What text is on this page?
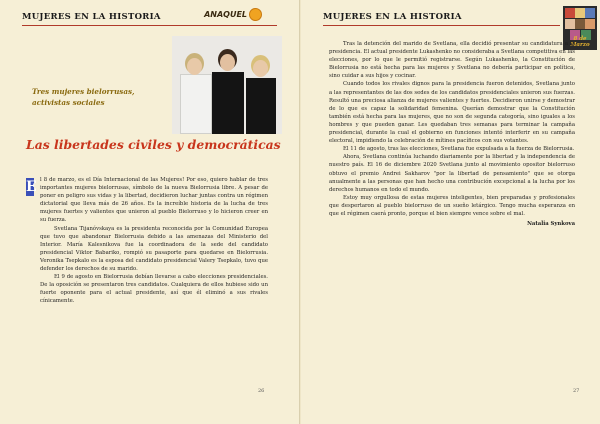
MUJERES EN LA HISTORIA	ANAQUEL
Tres mujeres bielorrusas, activistas sociales
Las libertades civiles y democráticas

E l 8 de marzo, es el Día Internacional de las Mujeres! Por eso, quiero hablar de tres importantes mujeres bielorrusas, símbolo de la nueva Bielorrusia libre. A pesar de poner en peligro sus vidas y la libertad, decidieron luchar juntas contra un régimen dictatorial que lleva más de 26 años. Es la increíble historia de la lucha de tres mujeres fuertes y valientes que unieron al pueblo Bielorruso y lo hicieron creer en su fuerza.

Svetlana Tijanóvskaya es la presidenta reconocida por la Comunidad Europea que tuvo que abandonar Bielorrusia debido a las amenazas del Ministerio del Interior. María Kalesnikova fue la coordinadora de la sede del candidato presidencial Viktor Babariko, rompió su pasaporte para quedarse en Bielorrusia. Veronika Tsepkalo es la esposa del candidato presidencial Valery Tsepkalo, tuvo que defender los derechos de su marido.

El 9 de agosto en Bielorrusia debían llevarse a cabo elecciones presidenciales. De la oposición se presentaron tres candidatos. Cualquiera de ellos hubiese sido un fuerte oponente para el actual presidente, así que él eliminó a sus rivales cínicamente.

26
MUJERES EN LA HISTORIA
8 de Marzo

Tras la detención del marido de Svetlana, ella decidió presentar su candidatura a la presidencia. El actual presidente Lukashenko no consideraba a Svetlana competitiva en las elecciones, por lo que le permitió registrarse. Según Lukashenko, la Constitución de Bielorrusia no está hecha para las mujeres y Svetlana no debería participar en política, sino cuidar a sus hijos y cocinar.

Cuando todos los rivales dignos para la presidencia fueron detenidos, Svetlana junto a las representantes de las dos sedes de los candidatos presidenciales unieron sus fuerzas. Resultó una preciosa alianza de mujeres valientes y fuertes. Decidieron unirse y demostrar de lo que es capaz la solidaridad femenina. Querían demostrar que la Constitución también está hecha para las mujeres, que no son de segunda categoría, sino iguales a los hombres y que pueden ganar. Les quedaban tres semanas para terminar la campaña presidencial, durante la cual el gobierno en funciones intentó interferir en su campaña electoral, impidiendo la celebración de mítines pacíficos con sus votantes.

El 11 de agosto, tras las elecciones, Svetlana fue expulsada a la fuerza de Bielorrusia.

Ahora, Svetlana continúa luchando diariamente por la libertad y la independencia de nuestro país. El 16 de diciembre 2020 Svetlana junto al movimiento opositor bielorruso obtuvo el premio Andrei Sakharov "por la libertad de pensamiento" que se otorga anualmente a las personas que han hecho una contribución excepcional a la lucha por los derechos humanos en todo el mundo.

Estoy muy orgullosa de estas mujeres inteligentes, bien preparadas y profesionales que despertaron al pueblo bielorruso de un sueño letárgico. Tengo mucha esperanza en que el régimen caerá pronto, porque el bien siempre vence sobre el mal.

Natalia Synkova

27
